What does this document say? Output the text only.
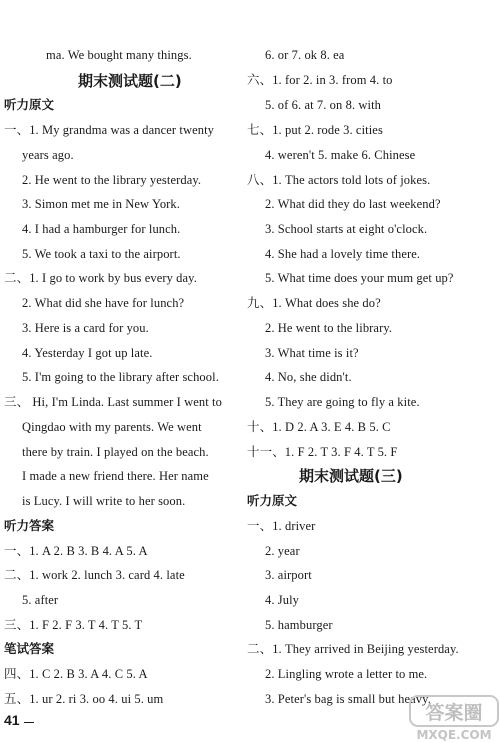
ma. We bought many things.
期末测试题(二)
听力原文
一、1. My grandma was a dancer twenty
years ago.
2. He went to the library yesterday.
3. Simon met me in New York.
4. I had a hamburger for lunch.
5. We took a taxi to the airport.
二、1. I go to work by bus every day.
2. What did she have for lunch?
3. Here is a card for you.
4. Yesterday I got up late.
5. I'm going to the library after school.
三、 Hi, I'm Linda. Last summer I went to
Qingdao with my parents. We went
there by train. I played on the beach.
I made a new friend there. Her name
is Lucy. I will write to her soon.
听力答案
一、1. A 2. B 3. B 4. A 5. A
二、1. work 2. lunch 3. card 4. late
5. after
三、1. F 2. F 3. T 4. T 5. T
笔试答案
四、1. C 2. B 3. A 4. C 5. A
五、1. ur 2. ri 3. oo 4. ui 5. um
6. or 7. ok 8. ea
六、1. for 2. in 3. from 4. to
5. of 6. at 7. on 8. with
七、1. put 2. rode 3. cities
4. weren't 5. make 6. Chinese
八、1. The actors told lots of jokes.
2. What did they do last weekend?
3. School starts at eight o'clock.
4. She had a lovely time there.
5. What time does your mum get up?
九、1. What does she do?
2. He went to the library.
3. What time is it?
4. No, she didn't.
5. They are going to fly a kite.
十、1. D 2. A 3. E 4. B 5. C
十一、1. F 2. T 3. F 4. T 5. F
期末测试题(三)
听力原文
一、1. driver
2. year
3. airport
4. July
5. hamburger
二、1. They arrived in Beijing yesterday.
2. Lingling wrote a letter to me.
3. Peter's bag is small but heavy.
41	答案圈
MXQE.COM
